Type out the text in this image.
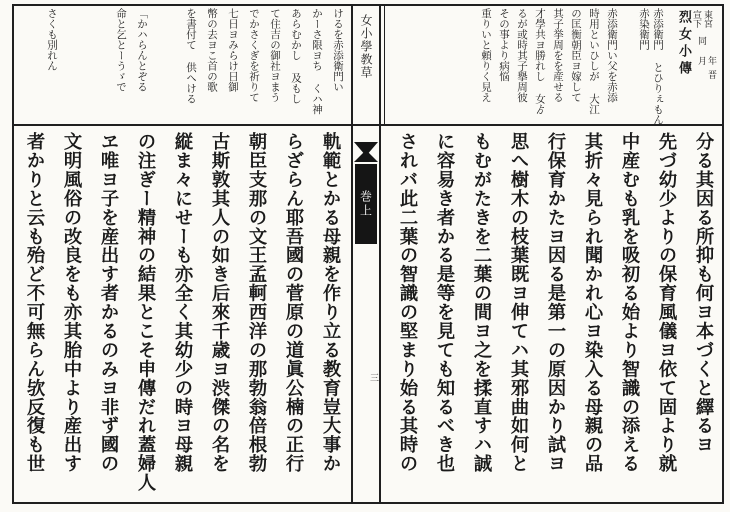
東宮
宣下
同
年
月
晋
烈女小傳
赤添衛門 とひりぇもん
赤染衛門
赤添衛門い父を赤添
時用といひしが 大江
の匡衡朝臣ヨ嫁して
其子挙周をを産せる
才學共ヨ勝れし 女ゟ
るが或時其子擧周彼
その事より病悩
重りいと頼りく見え
女小學教草
けるを赤添衛門い
かーさ限ヨち くハ神
あらむかし 及もし
て住吉の御社ヨまう
でかさくぎを祈りて
七日ヨみらけ日御
幣の去ヨこ首の歌
を書付て 供へける
「かハらんとぞる
命と乞とーうゞで
さくも別れん
巻上
三	分る其因る所抑も何ヨ本づくと繹るヨ
先づ幼少よりの保育風儀ヨ依て固より就
中産むも乳を吸初る始より智識の添える
其折々見られ聞かれ心ヨ染入る母親の品
行保育かたヨ因る是第一の原因かり試ヨ
思へ樹木の枝葉既ヨ伸てハ其邪曲如何と
もむがたきを二葉の間ヨ之を揉直すハ誠
に容易き者かる是等を見ても知るべき也
されバ此二葉の智識の堅まり始る其時の
軌範とかる母親を作り立る教育豈大事か
らざらん耶吾國の菅原の道眞公楠の正行
朝臣支那の文王孟軻西洋の那勃翁倍根勃
古斯敦其人の如き后來千歳ヨ渋傑の名を
縦ま々にせーも亦全く其幼少の時ヨ母親
の注ぎー精神の結果とこそ申傳だれ蓋婦人
ヱ唯ヨ子を産出す者かるのみヨ非ず國の
文明風俗の改良をも亦其胎中より産出す
者かりと云も殆ど不可無らん欤反復も世
